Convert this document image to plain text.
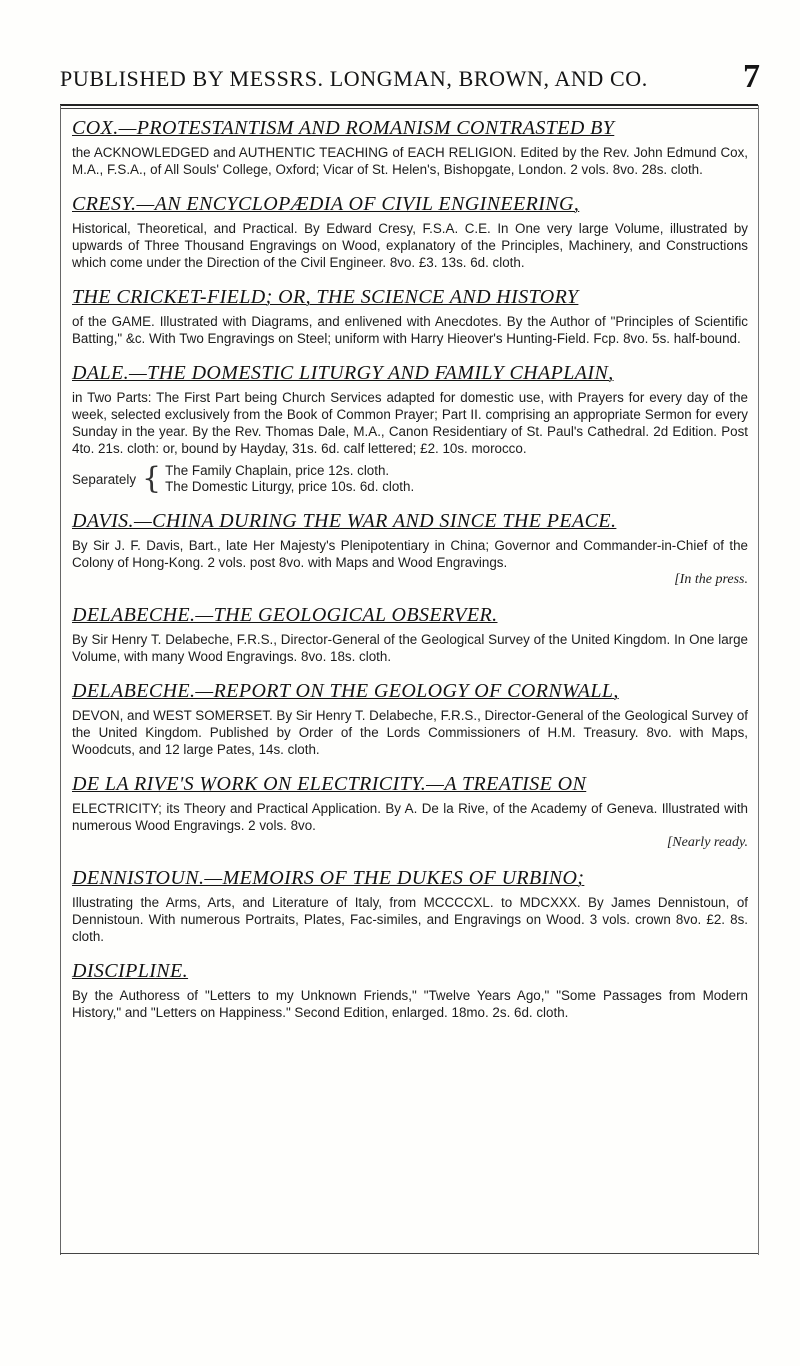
PUBLISHED BY MESSRS. LONGMAN, BROWN, AND CO.	7

COX.—PROTESTANTISM AND ROMANISM CONTRASTED BY

the ACKNOWLEDGED and AUTHENTIC TEACHING of EACH RELIGION. Edited by the Rev. John Edmund Cox, M.A., F.S.A., of All Souls' College, Oxford; Vicar of St. Helen's, Bishopgate, London. 2 vols. 8vo. 28s. cloth.

CRESY.—AN ENCYCLOPÆDIA OF CIVIL ENGINEERING,

Historical, Theoretical, and Practical. By Edward Cresy, F.S.A. C.E. In One very large Volume, illustrated by upwards of Three Thousand Engravings on Wood, explanatory of the Principles, Machinery, and Constructions which come under the Direction of the Civil Engineer. 8vo. £3. 13s. 6d. cloth.

THE CRICKET-FIELD; OR, THE SCIENCE AND HISTORY

of the GAME. Illustrated with Diagrams, and enlivened with Anecdotes. By the Author of "Principles of Scientific Batting," &c. With Two Engravings on Steel; uniform with Harry Hieover's Hunting-Field. Fcp. 8vo. 5s. half-bound.

DALE.—THE DOMESTIC LITURGY AND FAMILY CHAPLAIN,

in Two Parts: The First Part being Church Services adapted for domestic use, with Prayers for every day of the week, selected exclusively from the Book of Common Prayer; Part II. comprising an appropriate Sermon for every Sunday in the year. By the Rev. Thomas Dale, M.A., Canon Residentiary of St. Paul's Cathedral. 2d Edition. Post 4to. 21s. cloth: or, bound by Hayday, 31s. 6d. calf lettered; £2. 10s. morocco.

Separately { The Family Chaplain, price 12s. cloth.
The Domestic Liturgy, price 10s. 6d. cloth.

DAVIS.—CHINA DURING THE WAR AND SINCE THE PEACE.

By Sir J. F. Davis, Bart., late Her Majesty's Plenipotentiary in China; Governor and Commander-in-Chief of the Colony of Hong-Kong. 2 vols. post 8vo. with Maps and Wood Engravings.

[In the press.

DELABECHE.—THE GEOLOGICAL OBSERVER.

By Sir Henry T. Delabeche, F.R.S., Director-General of the Geological Survey of the United Kingdom. In One large Volume, with many Wood Engravings. 8vo. 18s. cloth.

DELABECHE.—REPORT ON THE GEOLOGY OF CORNWALL,

DEVON, and WEST SOMERSET. By Sir Henry T. Delabeche, F.R.S., Director-General of the Geological Survey of the United Kingdom. Published by Order of the Lords Commissioners of H.M. Treasury. 8vo. with Maps, Woodcuts, and 12 large Pates, 14s. cloth.

DE LA RIVE'S WORK ON ELECTRICITY.—A TREATISE ON

ELECTRICITY; its Theory and Practical Application. By A. De la Rive, of the Academy of Geneva. Illustrated with numerous Wood Engravings. 2 vols. 8vo.

[Nearly ready.

DENNISTOUN.—MEMOIRS OF THE DUKES OF URBINO;

Illustrating the Arms, Arts, and Literature of Italy, from MCCCCXL. to MDCXXX. By James Dennistoun, of Dennistoun. With numerous Portraits, Plates, Fac-similes, and Engravings on Wood. 3 vols. crown 8vo. £2. 8s. cloth.

DISCIPLINE.

By the Authoress of "Letters to my Unknown Friends," "Twelve Years Ago," "Some Passages from Modern History," and "Letters on Happiness." Second Edition, enlarged. 18mo. 2s. 6d. cloth.
